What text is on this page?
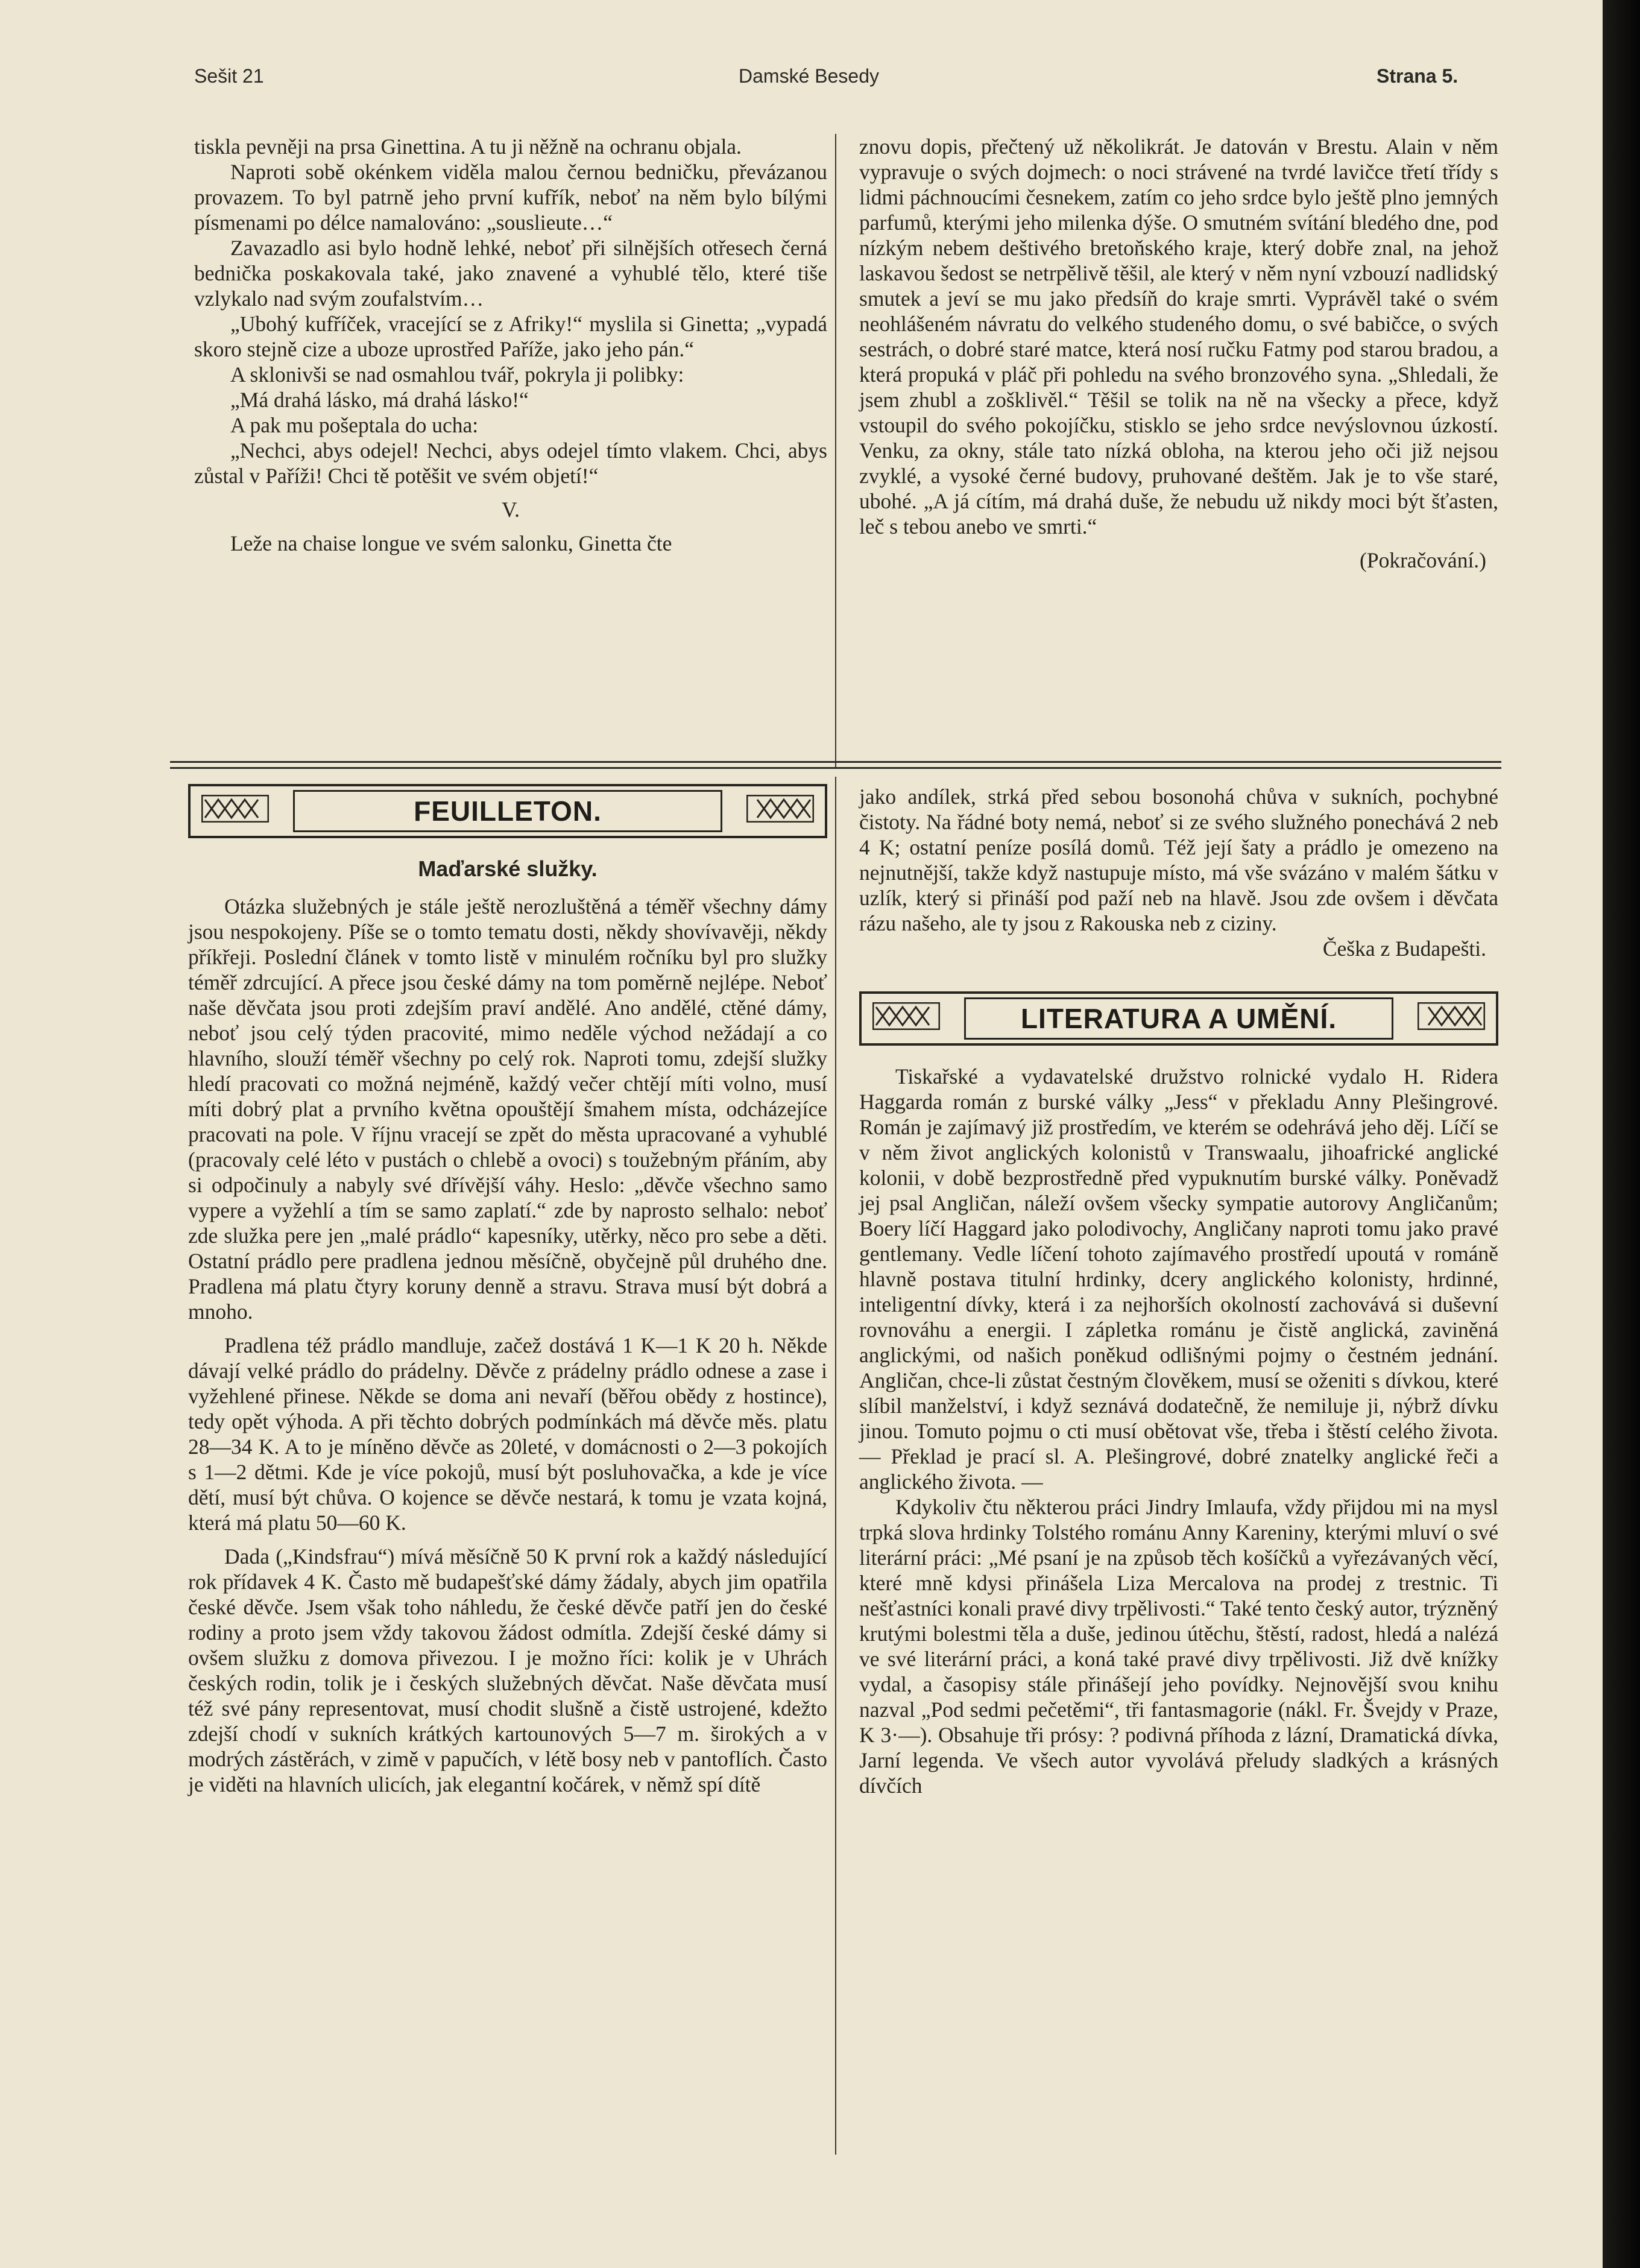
Sešit 21	Damské Besedy	Strana 5.

tiskla pevněji na prsa Ginettina. A tu ji něžně na ochranu objala.

Naproti sobě okénkem viděla malou černou bedničku, převázanou provazem. To byl patrně jeho první kufřík, neboť na něm bylo bílými písmenami po délce namalováno: „souslieute…“

Zavazadlo asi bylo hodně lehké, neboť při silnějších otřesech černá bednička poskakovala také, jako znavené a vyhublé tělo, které tiše vzlykalo nad svým zoufalstvím…

„Ubohý kufříček, vracející se z Afriky!“ myslila si Ginetta; „vypadá skoro stejně cize a uboze uprostřed Paříže, jako jeho pán.“

A sklonivši se nad osmahlou tvář, pokryla ji polibky:

„Má drahá lásko, má drahá lásko!“

A pak mu pošeptala do ucha:

„Nechci, abys odejel! Nechci, abys odejel tímto vlakem. Chci, abys zůstal v Paříži! Chci tě potěšit ve svém objetí!“

V.

Leže na chaise longue ve svém salonku, Ginetta čte

znovu dopis, přečtený už několikrát. Je datován v Brestu. Alain v něm vypravuje o svých dojmech: o noci strávené na tvrdé lavičce třetí třídy s lidmi páchnoucími česnekem, zatím co jeho srdce bylo ještě plno jemných parfumů, kterými jeho milenka dýše. O smutném svítání bledého dne, pod nízkým nebem deštivého bretoňského kraje, který dobře znal, na jehož laskavou šedost se netrpělivě těšil, ale který v něm nyní vzbouzí nadlidský smutek a jeví se mu jako předsíň do kraje smrti. Vyprávěl také o svém neohlášeném návratu do velkého studeného domu, o své babičce, o svých sestrách, o dobré staré matce, která nosí ručku Fatmy pod starou bradou, a která propuká v pláč při pohledu na svého bronzového syna. „Shledali, že jsem zhubl a zošklivěl.“ Těšil se tolik na ně na všecky a přece, když vstoupil do svého pokojíčku, stisklo se jeho srdce nevýslovnou úzkostí. Venku, za okny, stále tato nízká obloha, na kterou jeho oči již nejsou zvyklé, a vysoké černé budovy, pruhované deštěm. Jak je to vše staré, ubohé. „A já cítím, má drahá duše, že nebudu už nikdy moci být šťasten, leč s tebou anebo ve smrti.“

(Pokračování.)

FEUILLETON.

Maďarské služky.

Otázka služebných je stále ještě nerozluštěná a téměř všechny dámy jsou nespokojeny. Píše se o tomto tematu dosti, někdy shovívavěji, někdy příkřeji. Poslední článek v tomto listě v minulém ročníku byl pro služky téměř zdrcující. A přece jsou české dámy na tom poměrně nejlépe. Neboť naše děvčata jsou proti zdejším praví andělé. Ano andělé, ctěné dámy, neboť jsou celý týden pracovité, mimo neděle východ nežádají a co hlavního, slouží téměř všechny po celý rok. Naproti tomu, zdejší služky hledí pracovati co možná nejméně, každý večer chtějí míti volno, musí míti dobrý plat a prvního května opouštějí šmahem místa, odcházejíce pracovati na pole. V říjnu vracejí se zpět do města upracované a vyhublé (pracovaly celé léto v pustách o chlebě a ovoci) s toužebným přáním, aby si odpočinuly a nabyly své dřívější váhy. Heslo: „děvče všechno samo vypere a vyžehlí a tím se samo zaplatí.“ zde by naprosto selhalo: neboť zde služka pere jen „malé prádlo“ kapesníky, utěrky, něco pro sebe a děti. Ostatní prádlo pere pradlena jednou měsíčně, obyčejně půl druhého dne. Pradlena má platu čtyry koruny denně a stravu. Strava musí být dobrá a mnoho.

Pradlena též prádlo mandluje, začež dostává 1 K—1 K 20 h. Někde dávají velké prádlo do prádelny. Děvče z prádelny prádlo odnese a zase i vyžehlené přinese. Někde se doma ani nevaří (běřou obědy z hostince), tedy opět výhoda. A při těchto dobrých podmínkách má děvče měs. platu 28—34 K. A to je míněno děvče as 20leté, v domácnosti o 2—3 pokojích s 1—2 dětmi. Kde je více pokojů, musí být posluhovačka, a kde je více dětí, musí být chůva. O kojence se děvče nestará, k tomu je vzata kojná, která má platu 50—60 K.

Dada („Kindsfrau“) mívá měsíčně 50 K první rok a každý následující rok přídavek 4 K. Často mě budapešťské dámy žádaly, abych jim opatřila české děvče. Jsem však toho náhledu, že české děvče patří jen do české rodiny a proto jsem vždy takovou žádost odmítla. Zdejší české dámy si ovšem služku z domova přivezou. I je možno říci: kolik je v Uhrách českých rodin, tolik je i českých služebných děvčat. Naše děvčata musí též své pány representovat, musí chodit slušně a čistě ustrojené, kdežto zdejší chodí v sukních krátkých kartounových 5—7 m. širokých a v modrých zástěrách, v zimě v papučích, v létě bosy neb v pantoflích. Často je viděti na hlavních ulicích, jak elegantní kočárek, v němž spí dítě

jako andílek, strká před sebou bosonohá chůva v sukních, pochybné čistoty. Na řádné boty nemá, neboť si ze svého služného ponechává 2 neb 4 K; ostatní peníze posílá domů. Též její šaty a prádlo je omezeno na nejnutnější, takže když nastupuje místo, má vše svázáno v malém šátku v uzlík, který si přináší pod paží neb na hlavě. Jsou zde ovšem i děvčata rázu našeho, ale ty jsou z Rakouska neb z ciziny.

Češka z Budapešti.

LITERATURA A UMĚNÍ.

Tiskařské a vydavatelské družstvo rolnické vydalo H. Ridera Haggarda román z burské války „Jess“ v překladu Anny Plešingrové. Román je zajímavý již prostředím, ve kterém se odehrává jeho děj. Líčí se v něm život anglických kolonistů v Transwaalu, jihoafrické anglické kolonii, v době bezprostředně před vypuknutím burské války. Poněvadž jej psal Angličan, náleží ovšem všecky sympatie autorovy Angličanům; Boery líčí Haggard jako polodivochy, Angličany naproti tomu jako pravé gentlemany. Vedle líčení tohoto zajímavého prostředí upoutá v románě hlavně postava titulní hrdinky, dcery anglického kolonisty, hrdinné, inteligentní dívky, která i za nejhorších okolností zachovává si duševní rovnováhu a energii. I zápletka románu je čistě anglická, zaviněná anglickými, od našich poněkud odlišnými pojmy o čestném jednání. Angličan, chce-li zůstat čestným člověkem, musí se oženiti s dívkou, které slíbil manželství, i když seznává dodatečně, že nemiluje ji, nýbrž dívku jinou. Tomuto pojmu o cti musí obětovat vše, třeba i štěstí celého života. — Překlad je prací sl. A. Plešingrové, dobré znatelky anglické řeči a anglického života. —

Kdykoliv čtu některou práci Jindry Imlaufa, vždy přijdou mi na mysl trpká slova hrdinky Tolstého románu Anny Kareniny, kterými mluví o své literární práci: „Mé psaní je na způsob těch košíčků a vyřezávaných věcí, které mně kdysi přinášela Liza Mercalova na prodej z trestnic. Ti nešťastníci konali pravé divy trpělivosti.“ Také tento český autor, trýzněný krutými bolestmi těla a duše, jedinou útěchu, štěstí, radost, hledá a nalézá ve své literární práci, a koná také pravé divy trpělivosti. Již dvě knížky vydal, a časopisy stále přinášejí jeho povídky. Nejnovější svou knihu nazval „Pod sedmi pečetěmi“, tři fantasmagorie (nákl. Fr. Švejdy v Praze, K 3·—). Obsahuje tři prósy: ? podivná příhoda z lázní, Dramatická dívka, Jarní legenda. Ve všech autor vyvolává přeludy sladkých a krásných dívčích
